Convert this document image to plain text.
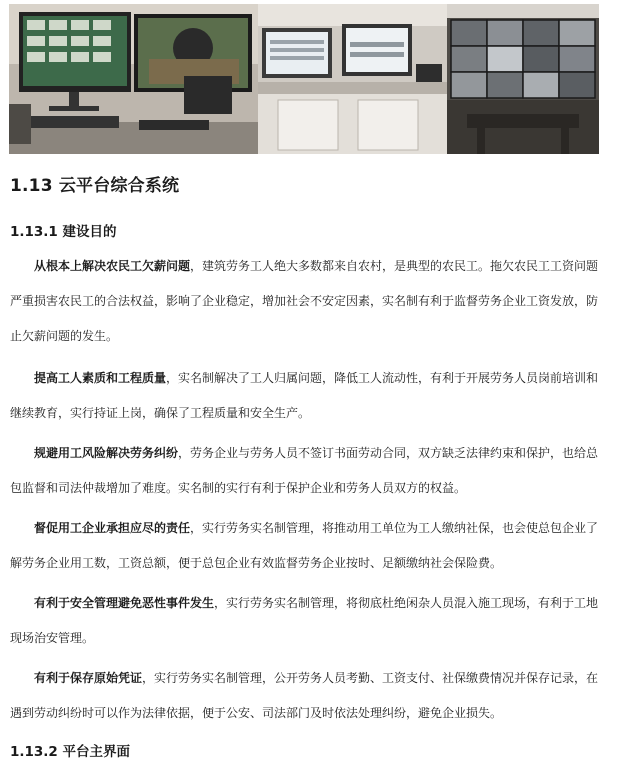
1.13 云平台综合系统
1.13.1 建设目的

从根本上解决农民工欠薪问题，建筑劳务工人绝大多数都来自农村，是典型的农民工。拖欠农民工工资问题严重损害农民工的合法权益，影响了企业稳定，增加社会不安定因素，实名制有利于监督劳务企业工资发放，防止欠薪问题的发生。

提高工人素质和工程质量，实名制解决了工人归属问题，降低工人流动性，有利于开展劳务人员岗前培训和继续教育，实行持证上岗，确保了工程质量和安全生产。

规避用工风险解决劳务纠纷，劳务企业与劳务人员不签订书面劳动合同，双方缺乏法律约束和保护，也给总包监督和司法仲裁增加了难度。实名制的实行有利于保护企业和劳务人员双方的权益。

督促用工企业承担应尽的责任，实行劳务实名制管理，将推动用工单位为工人缴纳社保，也会使总包企业了解劳务企业用工数，工资总额，便于总包企业有效监督劳务企业按时、足额缴纳社会保险费。

有利于安全管理避免恶性事件发生，实行劳务实名制管理，将彻底杜绝闲杂人员混入施工现场，有利于工地现场治安管理。

有利于保存原始凭证，实行劳务实名制管理，公开劳务人员考勤、工资支付、社保缴费情况并保存记录，在遇到劳动纠纷时可以作为法律依据，便于公安、司法部门及时依法处理纠纷，避免企业损失。

1.13.2 平台主界面
